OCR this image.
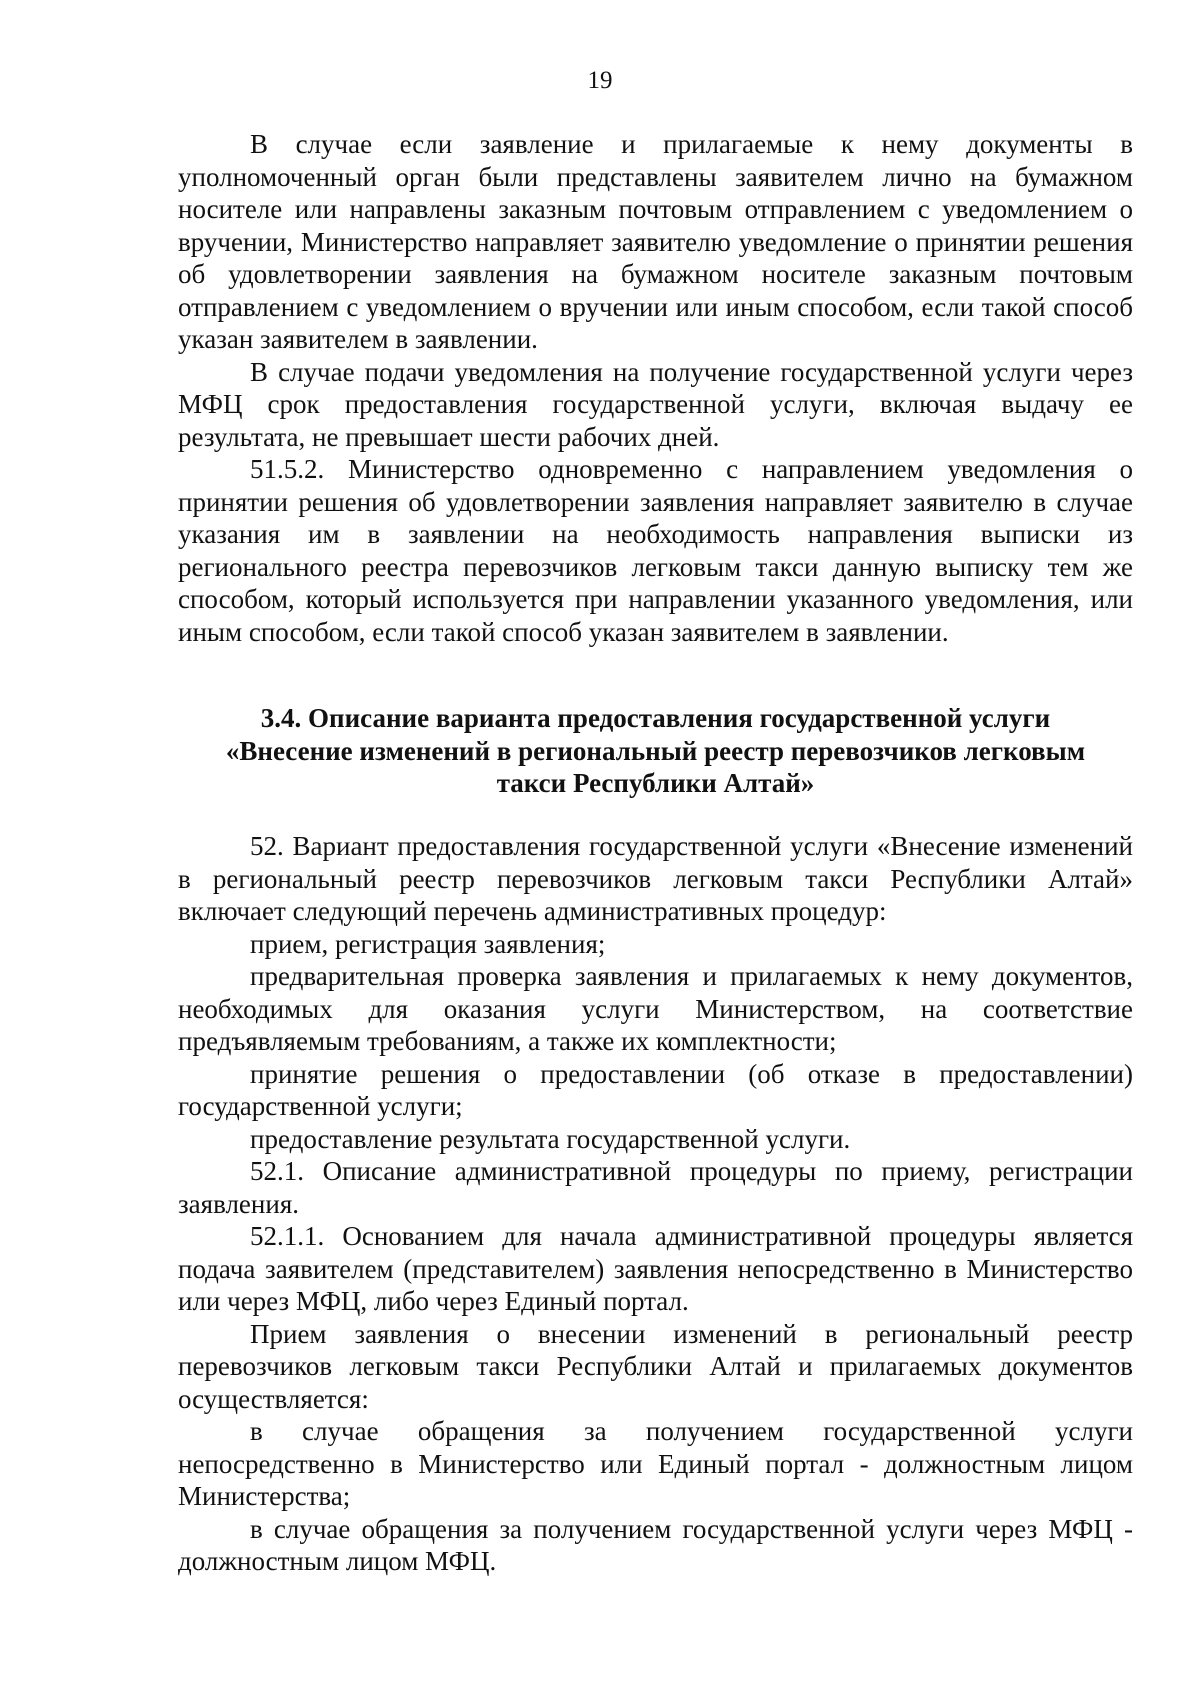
19

В случае если заявление и прилагаемые к нему документы в уполномоченный орган были представлены заявителем лично на бумажном носителе или направлены заказным почтовым отправлением с уведомлением о вручении, Министерство направляет заявителю уведомление о принятии решения об удовлетворении заявления на бумажном носителе заказным почтовым отправлением с уведомлением о вручении или иным способом, если такой способ указан заявителем в заявлении.

В случае подачи уведомления на получение государственной услуги через МФЦ срок предоставления государственной услуги, включая выдачу ее результата, не превышает шести рабочих дней.

51.5.2. Министерство одновременно с направлением уведомления о принятии решения об удовлетворении заявления направляет заявителю в случае указания им в заявлении на необходимость направления выписки из регионального реестра перевозчиков легковым такси данную выписку тем же способом, который используется при направлении указанного уведомления, или иным способом, если такой способ указан заявителем в заявлении.

3.4. Описание варианта предоставления государственной услуги
«Внесение изменений в региональный реестр перевозчиков легковым
такси Республики Алтай»

52. Вариант предоставления государственной услуги «Внесение изменений в региональный реестр перевозчиков легковым такси Республики Алтай» включает следующий перечень административных процедур:

прием, регистрация заявления;

предварительная проверка заявления и прилагаемых к нему документов, необходимых для оказания услуги Министерством, на соответствие предъявляемым требованиям, а также их комплектности;

принятие решения о предоставлении (об отказе в предоставлении) государственной услуги;

предоставление результата государственной услуги.

52.1. Описание административной процедуры по приему, регистрации заявления.

52.1.1. Основанием для начала административной процедуры является подача заявителем (представителем) заявления непосредственно в Министерство или через МФЦ, либо через Единый портал.

Прием заявления о внесении изменений в региональный реестр перевозчиков легковым такси Республики Алтай и прилагаемых документов осуществляется:

в случае обращения за получением государственной услуги непосредственно в Министерство или Единый портал - должностным лицом Министерства;

в случае обращения за получением государственной услуги через МФЦ - должностным лицом МФЦ.
